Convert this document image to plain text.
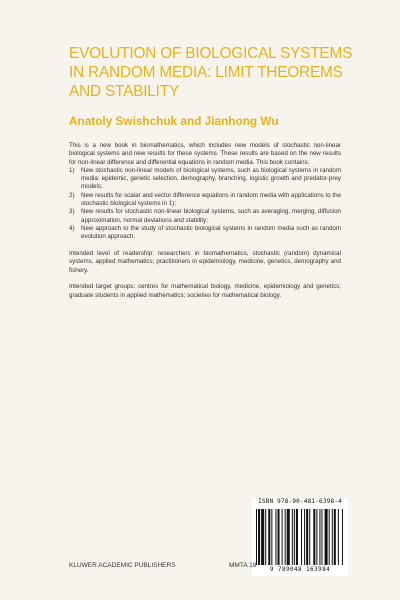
EVOLUTION OF BIOLOGICAL SYSTEMS IN RANDOM MEDIA: LIMIT THEOREMS AND STABILITY
Anatoly Swishchuk and Jianhong Wu

This is a new book in biomathematics, which includes new models of stochastic non-linear biological systems and new results for these systems. These results are based on the new results for non-linear difference and differential equations in random media. This book contains:

1) New stochastic non-linear models of biological systems, such as biological systems in random media: epidemic, genetic selection, demography, branching, logistic growth and predator-prey models;
2) New results for scalar and vector difference equations in random media with applications to the stochastic biological systems in 1);
3) New results for stochastic non-linear biological systems, such as averaging, merging, diffusion approximation, normal deviations and stability;
4) New approach to the study of stochastic biological systems in random media such as random evolution approach.

Intended level of readership: researchers in biomathematics, stochastic (random) dynamical systems, applied mathematics; practitioners in epidemiology, medicine, genetics, demography and fishery.

Intended target groups: centres for mathematical biology, medicine, epidemiology and genetics; graduate students in applied mathematics; societies for mathematical biology.

ISBN 978-90-481-6398-4
9 789048 163984
KLUWER ACADEMIC PUBLISHERS	MMTA 18
